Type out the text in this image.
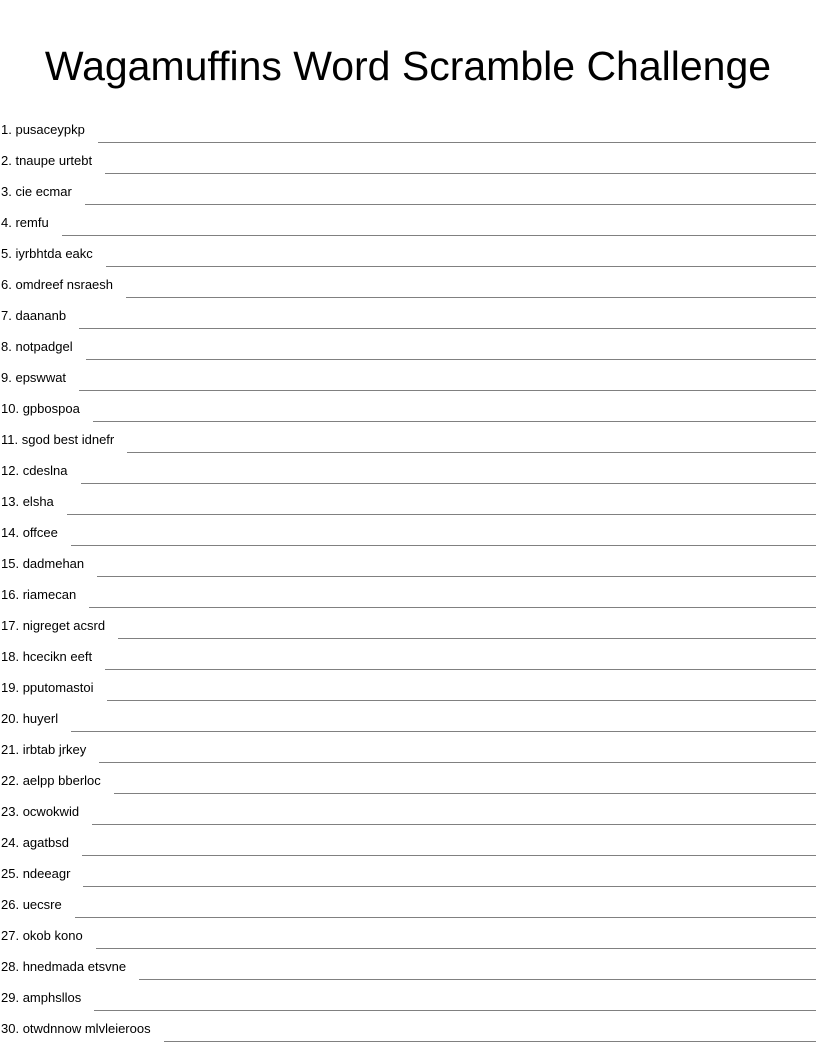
Wagamuffins Word Scramble Challenge
1 . pusaceypkp
2 . tnaupe urtebt
3 . cie ecmar
4 . remfu
5 . iyrbhtda eakc
6 . omdreef nsraesh
7 . daananb
8 . notpadgel
9 . epswwat
10 . gpbospoa
11 . sgod best idnefr
12 . cdeslna
13 . elsha
14 . offcee
15 . dadmehan
16 . riamecan
17 . nigreget acsrd
18 . hcecikn eeft
19 . pputomastoi
20 . huyerl
21 . irbtab jrkey
22 . aelpp bberloc
23 . ocwokwid
24 . agatbsd
25 . ndeeagr
26 . uecsre
27 . okob kono
28 . hnedmada etsvne
29 . amphsllos
30 . otwdnnow mlvleieroos
